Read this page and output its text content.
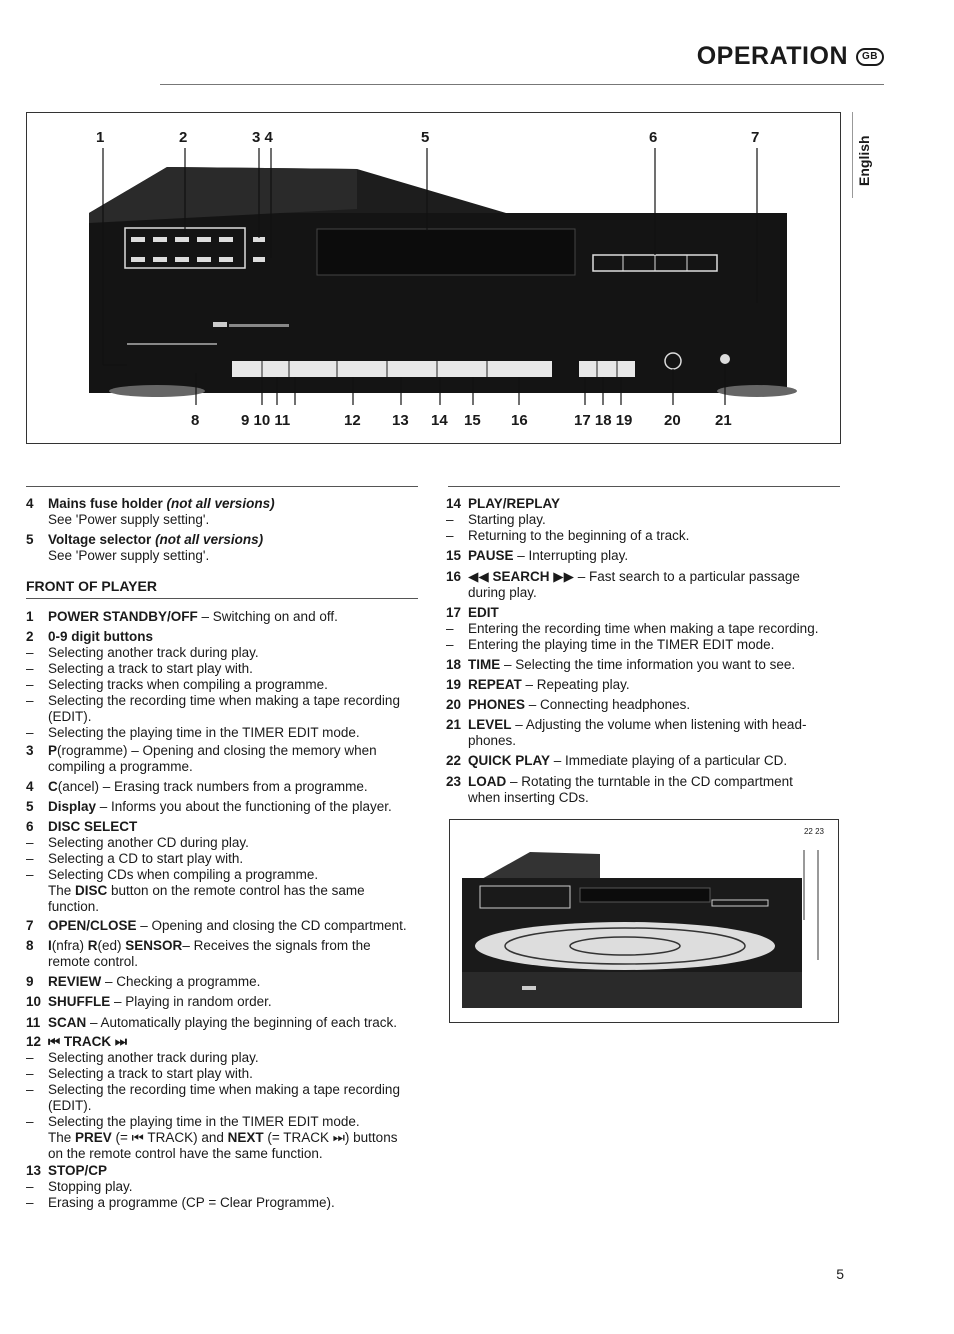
OPERATION	GB
English
1	2	3 4	5	6	7
8	9 10 11	12 13 14 15 16	17 18 19 20 21
4 Mains fuse holder (not all versions)
See 'Power supply setting'.
5 Voltage selector (not all versions)
See 'Power supply setting'.
FRONT OF PLAYER
1 POWER STANDBY/OFF – Switching on and off.
2 0-9 digit buttons
– Selecting another track during play.
– Selecting a track to start play with.
– Selecting tracks when compiling a programme.
– Selecting the recording time when making a tape recording
(EDIT).
– Selecting the playing time in the TIMER EDIT mode.
3 P(rogramme) – Opening and closing the memory when
compiling a programme.
4 C(ancel) – Erasing track numbers from a programme.
5 Display – Informs you about the functioning of the player.
6 DISC SELECT
– Selecting another CD during play.
– Selecting a CD to start play with.
– Selecting CDs when compiling a programme.
The DISC button on the remote control has the same
function.
7 OPEN/CLOSE – Opening and closing the CD compartment.
8 I(nfra) R(ed) SENSOR– Receives the signals from the
remote control.
9 REVIEW – Checking a programme.
10 SHUFFLE – Playing in random order.
11 SCAN – Automatically playing the beginning of each track.
12 ⏮ TRACK ⏭
– Selecting another track during play.
– Selecting a track to start play with.
– Selecting the recording time when making a tape recording
(EDIT).
– Selecting the playing time in the TIMER EDIT mode.
The PREV (= ⏮ TRACK) and NEXT (= TRACK ⏭) buttons
on the remote control have the same function.
13 STOP/CP
– Stopping play.
– Erasing a programme (CP = Clear Programme).
14 PLAY/REPLAY
– Starting play.
– Returning to the beginning of a track.
15 PAUSE – Interrupting play.
16 ◀◀ SEARCH ▶▶ – Fast search to a particular passage
during play.
17 EDIT
– Entering the recording time when making a tape recording.
– Entering the playing time in the TIMER EDIT mode.
18 TIME – Selecting the time information you want to see.
19 REPEAT – Repeating play.
20 PHONES – Connecting headphones.
21 LEVEL – Adjusting the volume when listening with head-
phones.
22 QUICK PLAY – Immediate playing of a particular CD.
23 LOAD – Rotating the turntable in the CD compartment
when inserting CDs.
22 23
5
